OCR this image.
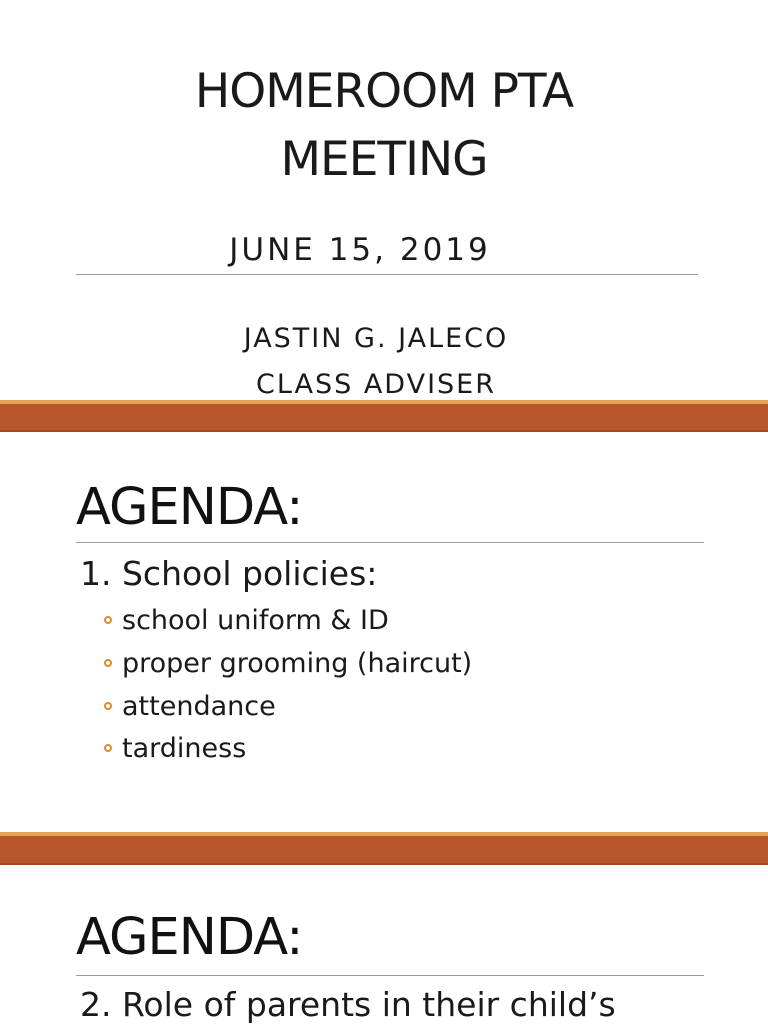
HOMEROOM PTA
MEETING
JUNE 15, 2019
JASTIN G. JALECO
CLASS ADVISER
AGENDA:
1. School policies:
school uniform & ID
proper grooming (haircut)
attendance
tardiness
AGENDA:
2. Role of parents in their child’s
